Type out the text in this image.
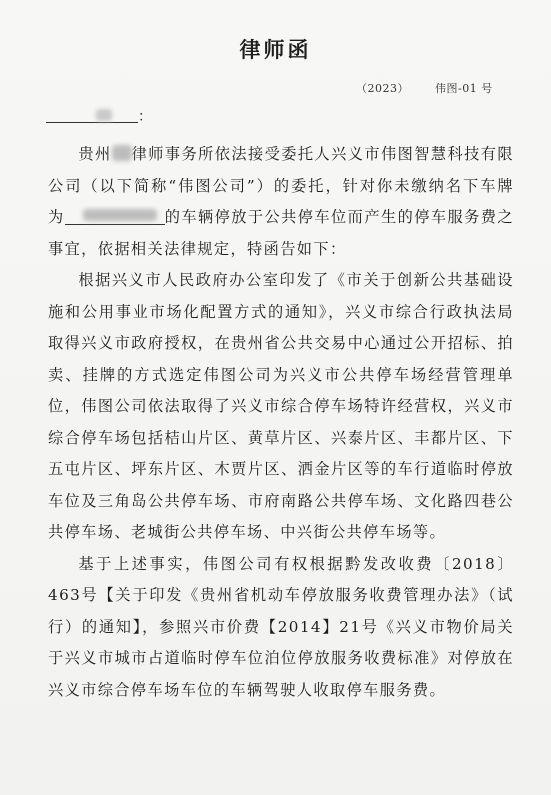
律师函
（2023） 伟图-01 号
：

贵州 律师事务所依法接受委托人兴义市伟图智慧科技有限公司（以下简称“伟图公司”）的委托，针对你未缴纳名下车牌为	的车辆停放于公共停车位而产生的停车服务费之事宜，依据相关法律规定，特函告如下：

根据兴义市人民政府办公室印发了《市关于创新公共基础设施和公用事业市场化配置方式的通知》，兴义市综合行政执法局取得兴义市政府授权，在贵州省公共交易中心通过公开招标、拍卖、挂牌的方式选定伟图公司为兴义市公共停车场经营管理单位，伟图公司依法取得了兴义市综合停车场特许经营权，兴义市综合停车场包括桔山片区、黄草片区、兴泰片区、丰都片区、下五屯片区、坪东片区、木贾片区、洒金片区等的车行道临时停放车位及三角岛公共停车场、市府南路公共停车场、文化路四巷公共停车场、老城街公共停车场、中兴街公共停车场等。

基于上述事实，伟图公司有权根据黔发改收费〔2018〕463号【关于印发《贵州省机动车停放服务收费管理办法》（试行）的通知】，参照兴市价费【2014】21号《兴义市物价局关于兴义市城市占道临时停车位泊位停放服务收费标准》对停放在兴义市综合停车场车位的车辆驾驶人收取停车服务费。
